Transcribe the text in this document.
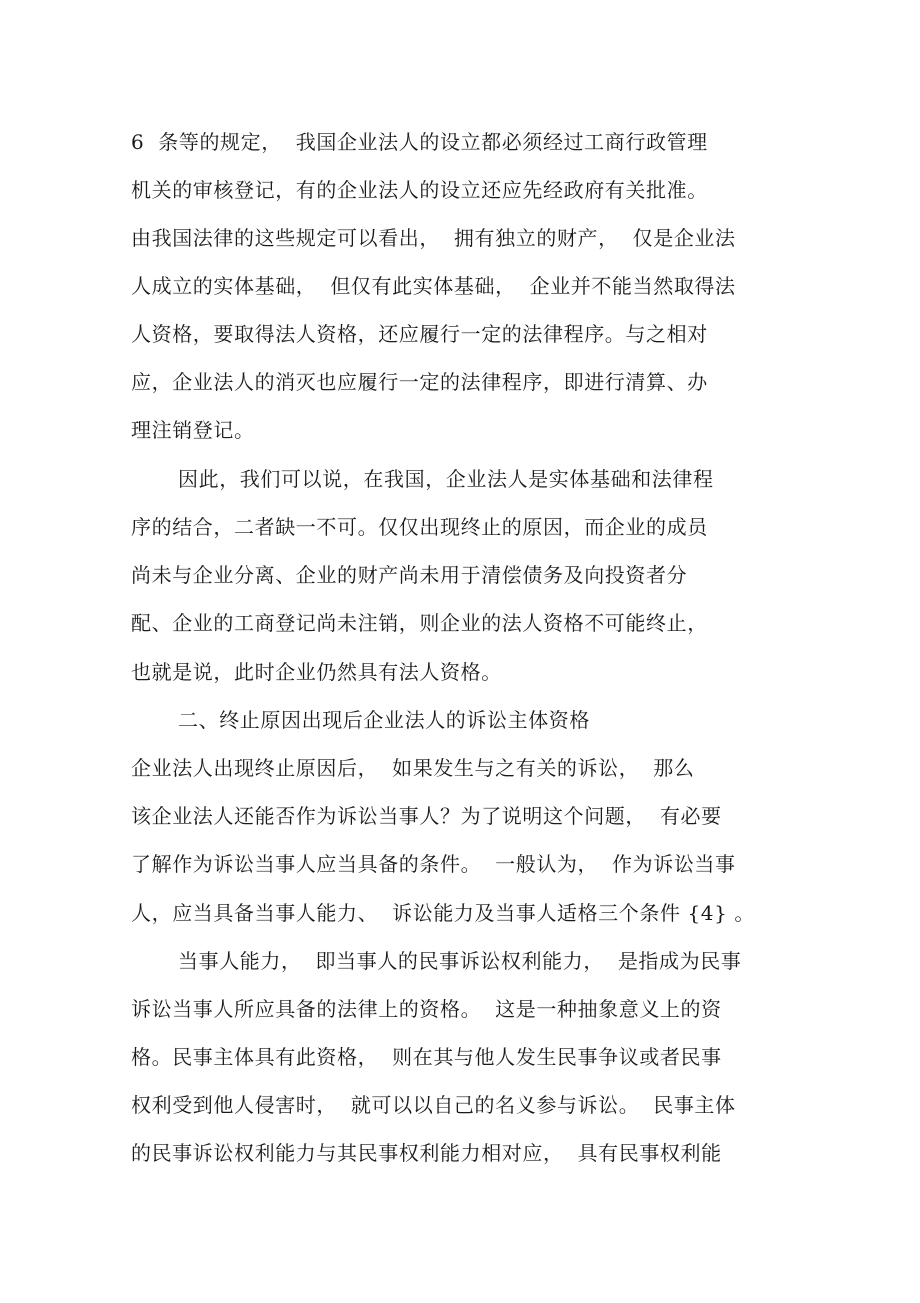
6  条等的规定，  我国企业法人的设立都必须经过工商行政管理
机关的审核登记，有的企业法人的设立还应先经政府有关批准。
由我国法律的这些规定可以看出，  拥有独立的财产，  仅是企业法
人成立的实体基础，  但仅有此实体基础，  企业并不能当然取得法
人资格，要取得法人资格，还应履行一定的法律程序。与之相对
应，企业法人的消灭也应履行一定的法律程序，即进行清算、办
理注销登记。
因此，我们可以说，在我国，企业法人是实体基础和法律程
序的结合，二者缺一不可。仅仅出现终止的原因，而企业的成员
尚未与企业分离、企业的财产尚未用于清偿债务及向投资者分
配、企业的工商登记尚未注销，则企业的法人资格不可能终止，
也就是说，此时企业仍然具有法人资格。
二、终止原因出现后企业法人的诉讼主体资格
企业法人出现终止原因后，  如果发生与之有关的诉讼，  那么
该企业法人还能否作为诉讼当事人？为了说明这个问题，  有必要
了解作为诉讼当事人应当具备的条件。  一般认为，  作为诉讼当事
人，应当具备当事人能力、  诉讼能力及当事人适格三个条件 {4} 。
当事人能力，  即当事人的民事诉讼权利能力，  是指成为民事
诉讼当事人所应具备的法律上的资格。  这是一种抽象意义上的资
格。民事主体具有此资格，  则在其与他人发生民事争议或者民事
权利受到他人侵害时，  就可以以自己的名义参与诉讼。  民事主体
的民事诉讼权利能力与其民事权利能力相对应，  具有民事权利能
